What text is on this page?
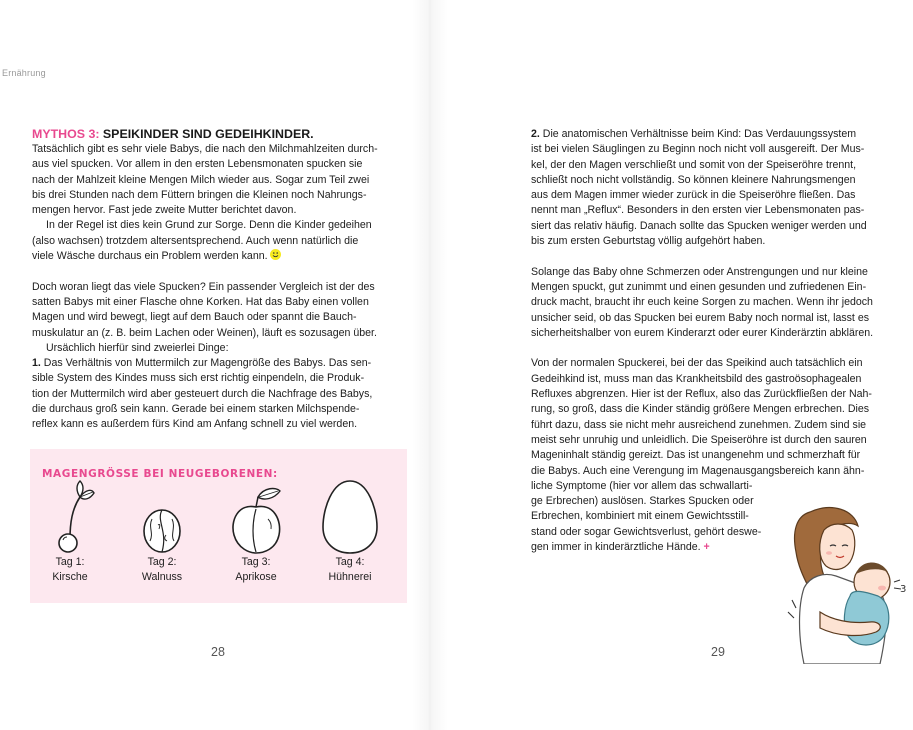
Ernährung
MYTHOS 3: SPEIKINDER SIND GEDEIHKINDER.

Tatsächlich gibt es sehr viele Babys, die nach den Milchmahlzeiten durch-

aus viel spucken. Vor allem in den ersten Lebensmonaten spucken sie

nach der Mahlzeit kleine Mengen Milch wieder aus. Sogar zum Teil zwei

bis drei Stunden nach dem Füttern bringen die Kleinen noch Nahrungs-

mengen hervor. Fast jede zweite Mutter berichtet davon.

In der Regel ist dies kein Grund zur Sorge. Denn die Kinder gedeihen

(also wachsen) trotzdem altersentsprechend. Auch wenn natürlich die

viele Wäsche durchaus ein Problem werden kann.

Doch woran liegt das viele Spucken? Ein passender Vergleich ist der des

satten Babys mit einer Flasche ohne Korken. Hat das Baby einen vollen

Magen und wird bewegt, liegt auf dem Bauch oder spannt die Bauch-

muskulatur an (z. B. beim Lachen oder Weinen), läuft es sozusagen über.

Ursächlich hierfür sind zweierlei Dinge:

1. Das Verhältnis von Muttermilch zur Magengröße des Babys. Das sen-

sible System des Kindes muss sich erst richtig einpendeln, die Produk-

tion der Muttermilch wird aber gesteuert durch die Nachfrage des Babys,

die durchaus groß sein kann. Gerade bei einem starken Milchspende-

reflex kann es außerdem fürs Kind am Anfang schnell zu viel werden.

MAGENGRÖSSE BEI NEUGEBORENEN:
Tag 1:
Kirsche
Tag 2:
Walnuss
Tag 3:
Aprikose
Tag 4:
Hühnerei
28

2. Die anatomischen Verhältnisse beim Kind: Das Verdauungssystem

ist bei vielen Säuglingen zu Beginn noch nicht voll ausgereift. Der Mus-

kel, der den Magen verschließt und somit von der Speiseröhre trennt,

schließt noch nicht vollständig. So können kleinere Nahrungsmengen

aus dem Magen immer wieder zurück in die Speiseröhre fließen. Das

nennt man „Reflux“. Besonders in den ersten vier Lebensmonaten pas-

siert das relativ häufig. Danach sollte das Spucken weniger werden und

bis zum ersten Geburtstag völlig aufgehört haben.

Solange das Baby ohne Schmerzen oder Anstrengungen und nur kleine

Mengen spuckt, gut zunimmt und einen gesunden und zufriedenen Ein-

druck macht, braucht ihr euch keine Sorgen zu machen. Wenn ihr jedoch

unsicher seid, ob das Spucken bei eurem Baby noch normal ist, lasst es

sicherheitshalber von eurem Kinderarzt oder eurer Kinderärztin abklären.

Von der normalen Spuckerei, bei der das Speikind auch tatsächlich ein

Gedeihkind ist, muss man das Krankheitsbild des gastroösophagealen

Refluxes abgrenzen. Hier ist der Reflux, also das Zurückfließen der Nah-

rung, so groß, dass die Kinder ständig größere Mengen erbrechen. Dies

führt dazu, dass sie nicht mehr ausreichend zunehmen. Zudem sind sie

meist sehr unruhig und unleidlich. Die Speiseröhre ist durch den sauren

Mageninhalt ständig gereizt. Das ist unangenehm und schmerzhaft für

die Babys. Auch eine Verengung im Magenausgangsbereich kann ähn-

liche Symptome (hier vor allem das schwallarti-

ge Erbrechen) auslösen. Starkes Spucken oder

Erbrechen, kombiniert mit einem Gewichtsstill-

stand oder sogar Gewichtsverlust, gehört deswe-

gen immer in kinderärztliche Hände. +

3
29
